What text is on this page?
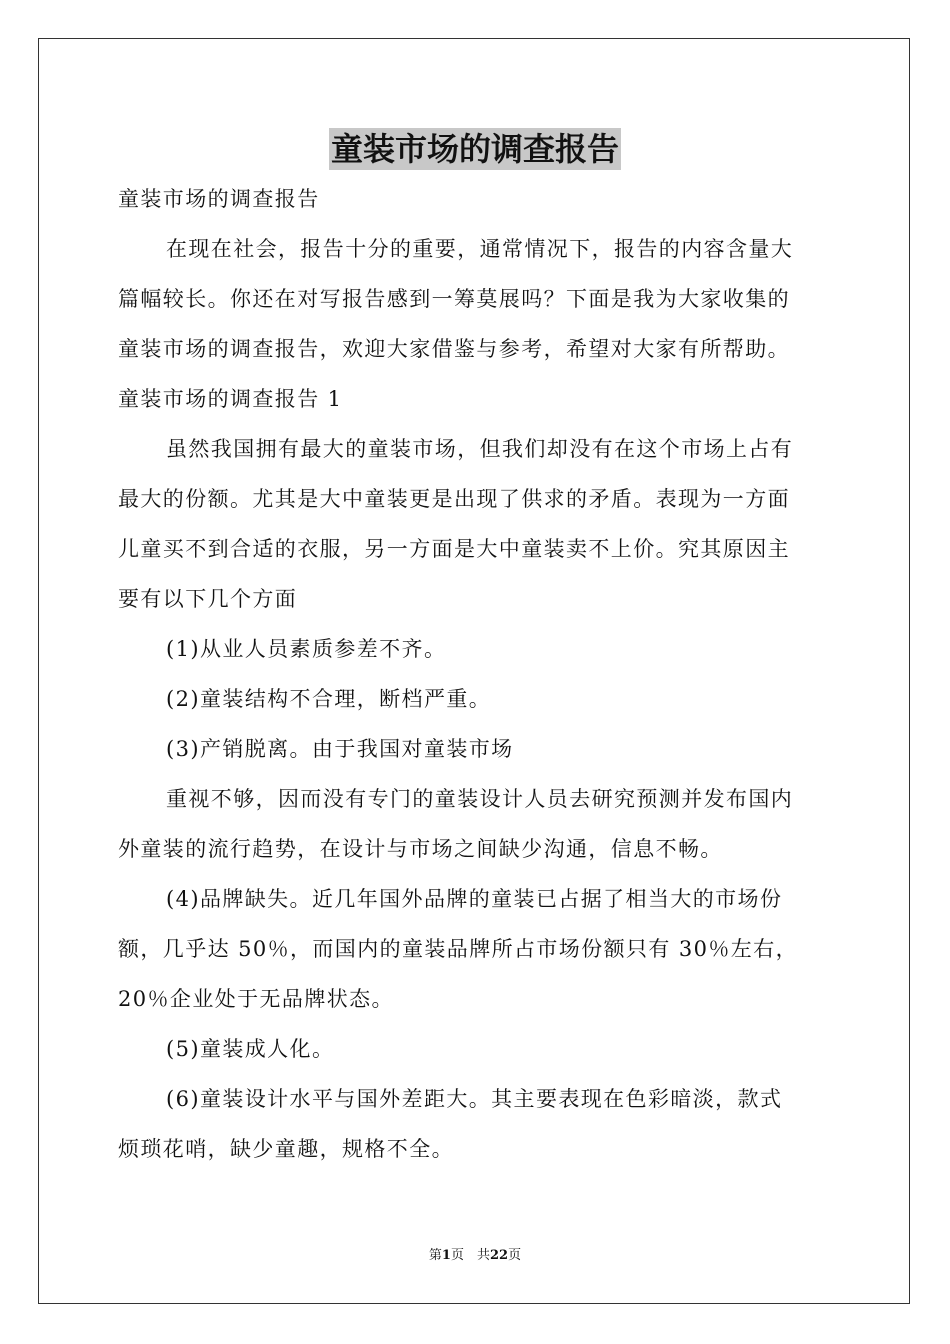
童装市场的调查报告
童装市场的调查报告
在现在社会，报告十分的重要，通常情况下，报告的内容含量大
篇幅较长。你还在对写报告感到一筹莫展吗？下面是我为大家收集的
童装市场的调查报告，欢迎大家借鉴与参考，希望对大家有所帮助。
童装市场的调查报告 1
虽然我国拥有最大的童装市场，但我们却没有在这个市场上占有
最大的份额。尤其是大中童装更是出现了供求的矛盾。表现为一方面
儿童买不到合适的衣服，另一方面是大中童装卖不上价。究其原因主
要有以下几个方面
(1)从业人员素质参差不齐。
(2)童装结构不合理，断档严重。
(3)产销脱离。由于我国对童装市场
重视不够，因而没有专门的童装设计人员去研究预测并发布国内
外童装的流行趋势，在设计与市场之间缺少沟通，信息不畅。
(4)品牌缺失。近几年国外品牌的童装已占据了相当大的市场份
额，几乎达 50％，而国内的童装品牌所占市场份额只有 30％左右，
20％企业处于无品牌状态。
(5)童装成人化。
(6)童装设计水平与国外差距大。其主要表现在色彩暗淡，款式
烦琐花哨，缺少童趣，规格不全。
第1页　共22页
